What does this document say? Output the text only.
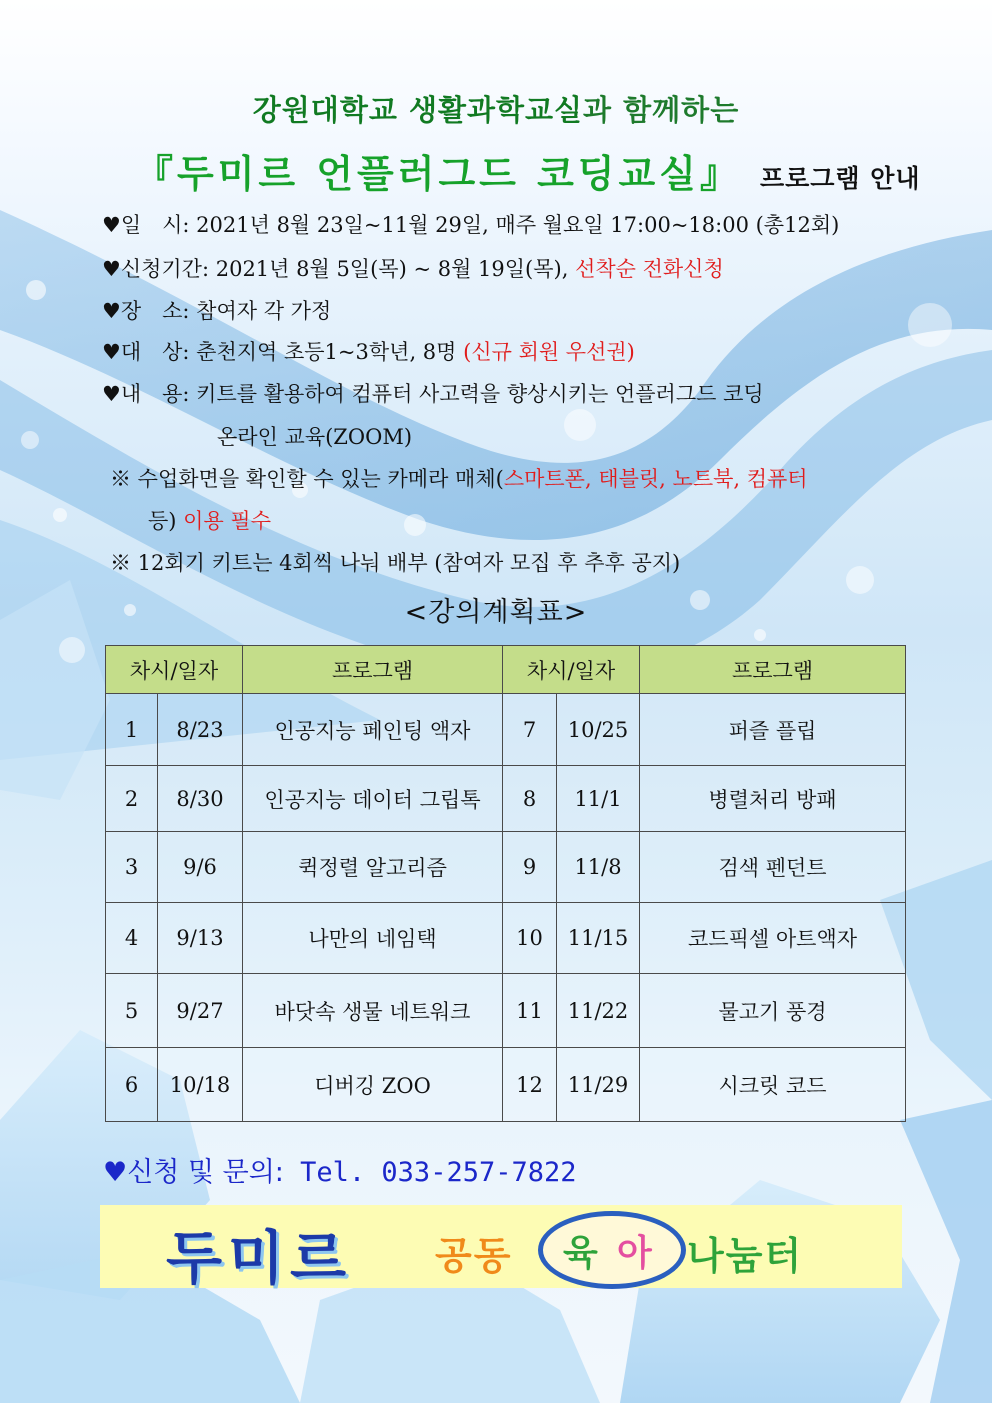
강원대학교 생활과학교실과 함께하는
『두미르 언플러그드 코딩교실』 프로그램 안내
♥일　시: 2021년 8월 23일~11월 29일, 매주 월요일 17:00~18:00 (총12회)
♥신청기간: 2021년 8월 5일(목) ~ 8월 19일(목), 선착순 전화신청
♥장　소: 참여자 각 가정
♥대　상: 춘천지역 초등1~3학년, 8명 (신규 회원 우선권)
♥내　용: 키트를 활용하여 컴퓨터 사고력을 향상시키는 언플러그드 코딩
온라인 교육(ZOOM)
※ 수업화면을 확인할 수 있는 카메라 매체(스마트폰, 태블릿, 노트북, 컴퓨터
등) 이용 필수
※ 12회기 키트는 4회씩 나눠 배부 (참여자 모집 후 추후 공지)
<강의계획표>
차시/일자		프로그램	차시/일자		프로그램
1	8/23	인공지능 페인팅 액자	7	10/25	퍼즐 플립
2	8/30	인공지능 데이터 그립톡	8	11/1	병렬처리 방패
3	9/6	퀵정렬 알고리즘	9	11/8	검색 펜던트
4	9/13	나만의 네임택	10	11/15	코드픽셀 아트액자
5	9/27	바닷속 생물 네트워크	11	11/22	물고기 풍경
6	10/18	디버깅 ZOO	12	11/29	시크릿 코드
♥신청 및 문의: Tel. 033-257-7822
두미르 공동 육 아 나눔터
